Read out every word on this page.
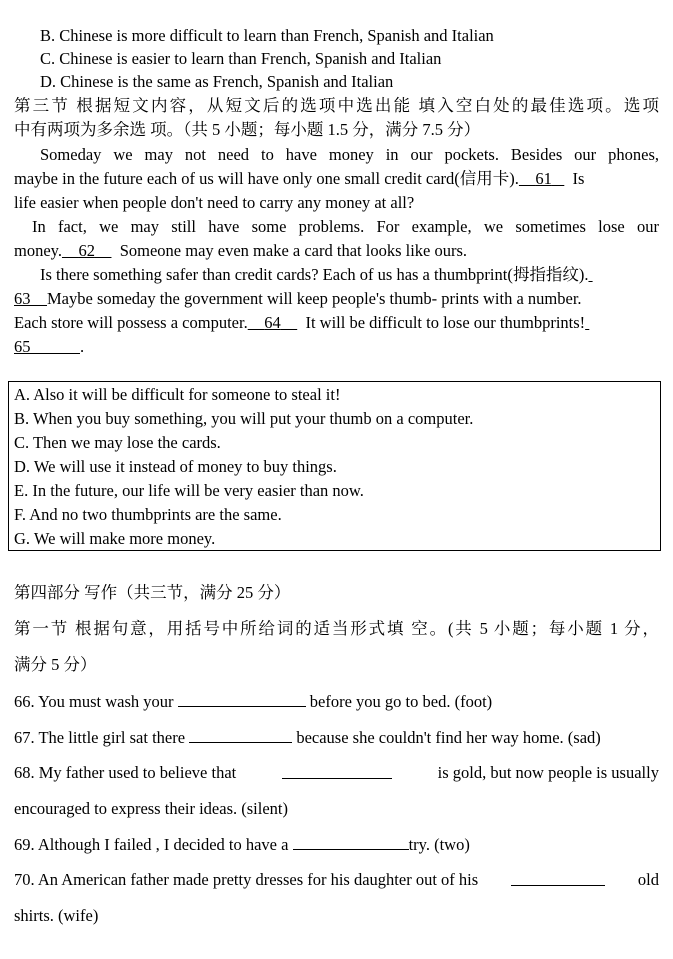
B. Chinese is more difficult to learn than French, Spanish and Italian
C. Chinese is easier to learn than French, Spanish and Italian
D. Chinese is the same as French, Spanish and Italian
第三节 根据短文内容，从短文后的选项中选出能 填入空白处的最佳选项。选项
中有两项为多余选 项。（共 5 小题；每小题 1.5 分，满分 7.5 分）
Someday we may not need to have money in our pockets. Besides our phones,
maybe in the future each of us will have only one small credit card(信用卡). 61 Is
life easier when people don't need to carry any money at all?
In fact, we may still have some problems. For example, we sometimes lose our
money. 62 Someone may even make a card that looks like ours.
Is there something safer than credit cards? Each of us has a thumbprint(拇指指纹).
63 Maybe someday the government will keep people's thumb- prints with a number.
Each store will possess a computer. 64 It will be difficult to lose our thumbprints!
65	.
A. Also it will be difficult for someone to steal it!
B. When you buy something, you will put your thumb on a computer.
C. Then we may lose the cards.
D. We will use it instead of money to buy things.
E. In the future, our life will be very easier than now.
F. And no two thumbprints are the same.
G. We will make more money.
第四部分 写作（共三节，满分 25 分）
第一节 根据句意，用括号中所给词的适当形式填 空。(共 5 小题；每小题 1 分，
满分 5 分）
66. You must wash your	before you go to bed. (foot)
67. The little girl sat there	because she couldn't find her way home. (sad)
68. My father used to believe that	is gold, but now people is usually
encouraged to express their ideas. (silent)
69. Although I failed , I decided to have a	try. (two)
70. An American father made pretty dresses for his daughter out of his	old
shirts. (wife)
